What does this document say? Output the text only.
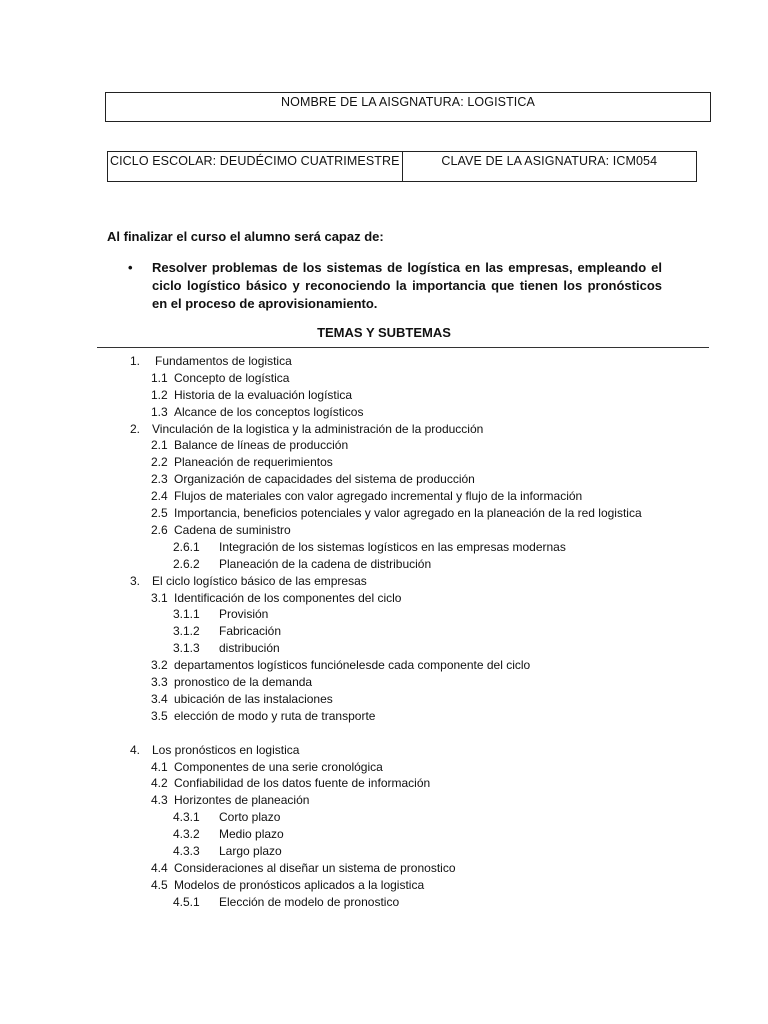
NOMBRE DE LA AISGNATURA: LOGISTICA
CICLO ESCOLAR: DEUDÉCIMO CUATRIMESTRE	CLAVE DE LA ASIGNATURA: ICM054
Al finalizar el curso el alumno será capaz de:
•	Resolver problemas de los sistemas de logística en las empresas, empleando el ciclo logístico básico y reconociendo la importancia que tienen los pronósticos en el proceso de aprovisionamiento.
TEMAS Y SUBTEMAS
1. Fundamentos de logistica
1.1 Concepto de logística
1.2 Historia de la evaluación logística
1.3 Alcance de los conceptos logísticos
2. Vinculación de la logistica y la administración de la producción
2.1 Balance de líneas de producción
2.2 Planeación de requerimientos
2.3 Organización de capacidades del sistema de producción
2.4 Flujos de materiales con valor agregado incremental y flujo de la información
2.5 Importancia, beneficios potenciales y valor agregado en la planeación de la red logistica
2.6 Cadena de suministro
2.6.1 Integración de los sistemas logísticos en las empresas modernas
2.6.2 Planeación de la cadena de distribución
3. El ciclo logístico básico de las empresas
3.1 Identificación de los componentes del ciclo
3.1.1 Provisión
3.1.2 Fabricación
3.1.3 distribución
3.2 departamentos logísticos funciónelesde cada componente del ciclo
3.3 pronostico de la demanda
3.4 ubicación de las instalaciones
3.5 elección de modo y ruta de transporte
4. Los pronósticos en logistica
4.1 Componentes de una serie cronológica
4.2 Confiabilidad de los datos fuente de información
4.3 Horizontes de planeación
4.3.1 Corto plazo
4.3.2 Medio plazo
4.3.3 Largo plazo
4.4 Consideraciones al diseñar un sistema de pronostico
4.5 Modelos de pronósticos aplicados a la logistica
4.5.1 Elección de modelo de pronostico
